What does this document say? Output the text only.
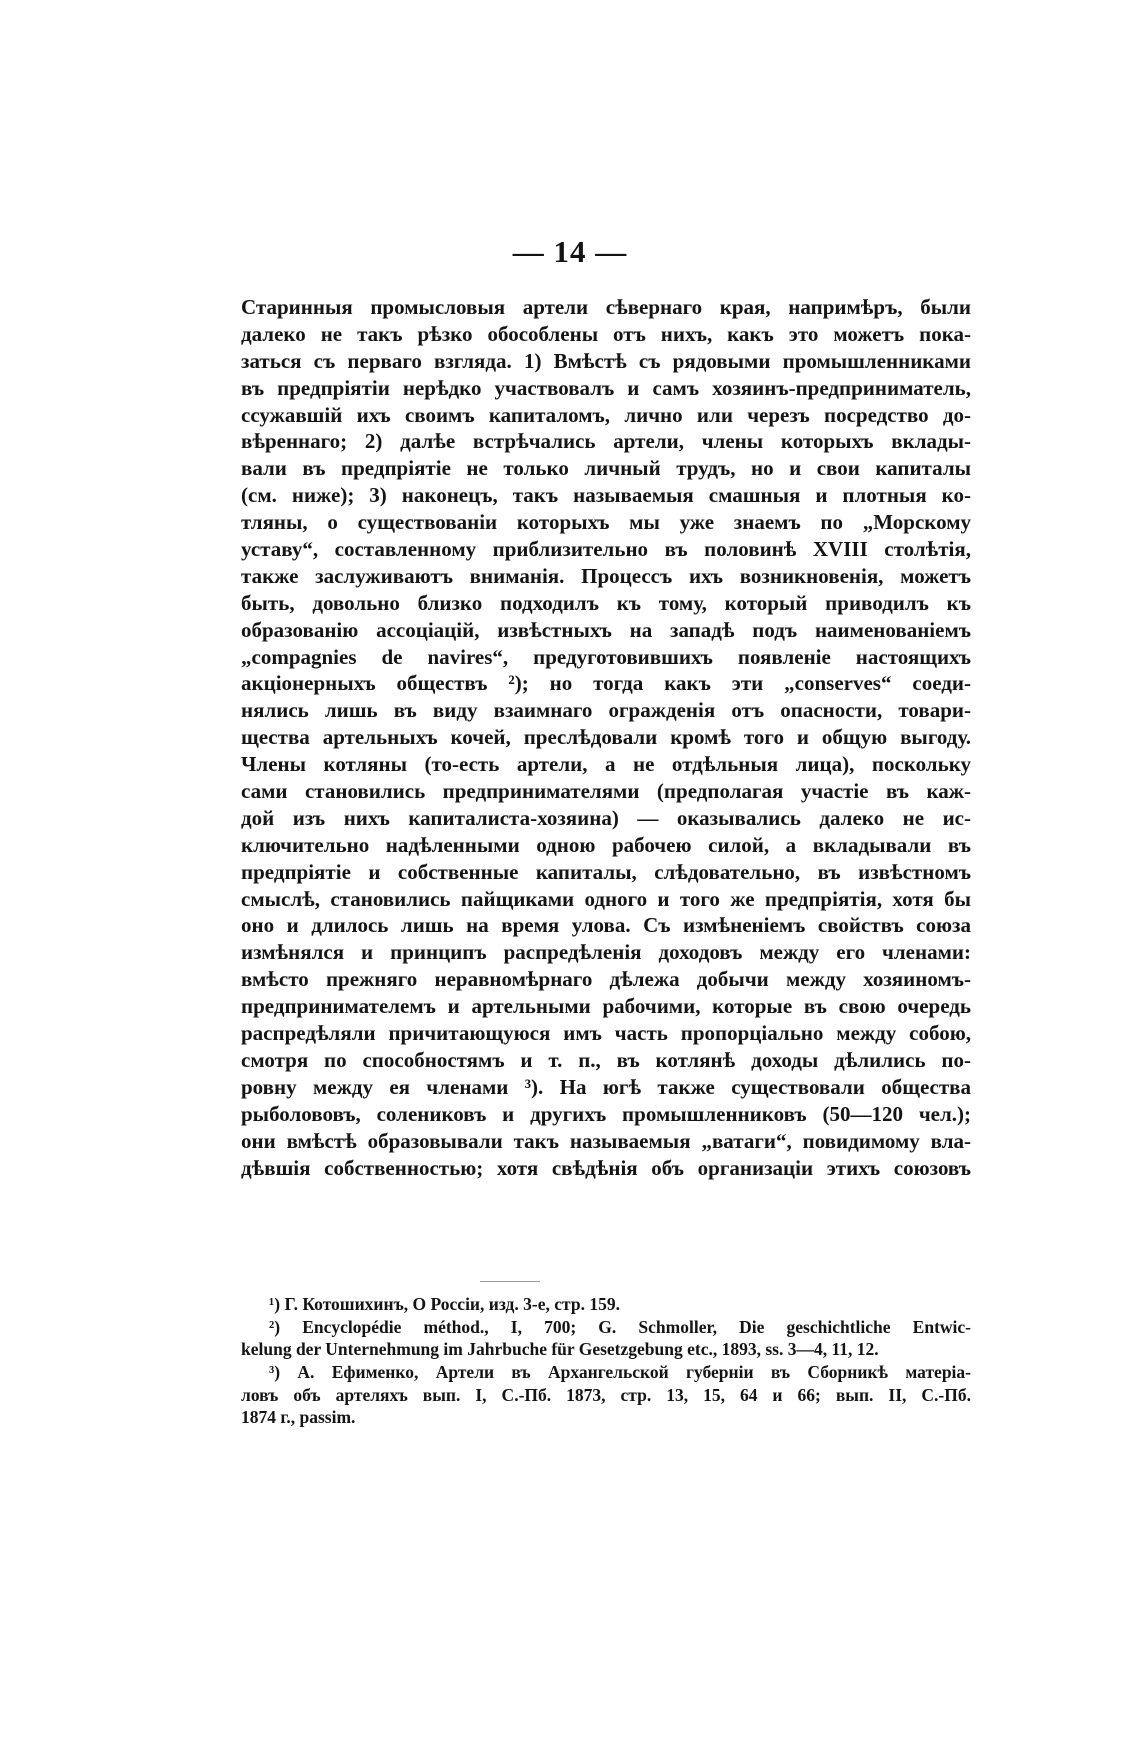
— 14 —
Старинныя промысловыя артели сѣвернаго края, напримѣръ, были
далеко не такъ рѣзко обособлены отъ нихъ, какъ это можетъ пока-
заться съ перваго взгляда. 1) Вмѣстѣ съ рядовыми промышленниками
въ предпріятіи нерѣдко участвовалъ и самъ хозяинъ-предприниматель,
ссужавшій ихъ своимъ капиталомъ, лично или черезъ посредство до-
вѣреннаго; 2) далѣе встрѣчались артели, члены которыхъ вклады-
вали въ предпріятіе не только личный трудъ, но и свои капиталы
(см. ниже); 3) наконецъ, такъ называемыя смашныя и плотныя ко-
тляны, о существованіи которыхъ мы уже знаемъ по „Морскому
уставу“, составленному приблизительно въ половинѣ XVIII столѣтія,
также заслуживаютъ вниманія. Процессъ ихъ возникновенія, можетъ
быть, довольно близко подходилъ къ тому, который приводилъ къ
образованію ассоціацій, извѣстныхъ на западѣ подъ наименованіемъ
„compagnies de navires“, предуготовившихъ появленіе настоящихъ
акціонерныхъ обществъ ²); но тогда какъ эти „conserves“ соеди-
нялись лишь въ виду взаимнаго огражденія отъ опасности, товари-
щества артельныхъ кочей, преслѣдовали кромѣ того и общую выгоду.
Члены котляны (то-есть артели, а не отдѣльныя лица), поскольку
сами становились предпринимателями (предполагая участіе въ каж-
дой изъ нихъ капиталиста-хозяина) — оказывались далеко не ис-
ключительно надѣленными одною рабочею силой, а вкладывали въ
предпріятіе и собственные капиталы, слѣдовательно, въ извѣстномъ
смыслѣ, становились пайщиками одного и того же предпріятія, хотя бы
оно и длилось лишь на время улова. Съ измѣненіемъ свойствъ союза
измѣнялся и принципъ распредѣленія доходовъ между его членами:
вмѣсто прежняго неравномѣрнаго дѣлежа добычи между хозяиномъ-
предпринимателемъ и артельными рабочими, которые въ свою очередь
распредѣляли причитающуюся имъ часть пропорціально между собою,
смотря по способностямъ и т. п., въ котлянѣ доходы дѣлились по-
ровну между ея членами ³). На югѣ также существовали общества
рыболововъ, солениковъ и другихъ промышленниковъ (50—120 чел.);
они вмѣстѣ образовывали такъ называемыя „ватаги“, повидимому вла-
дѣвшія собственностью; хотя свѣдѣнія объ организаціи этихъ союзовъ
¹) Г. Котошихинъ, О Россіи, изд. 3-е, стр. 159.
²) Encyclopédie méthod., I, 700; G. Schmoller, Die geschichtliche Entwic-
kelung der Unternehmung im Jahrbuche für Gesetzgebung etc., 1893, ss. 3—4, 11, 12.
³) А. Ефименко, Артели въ Архангельской губерніи въ Сборникѣ матеріа-
ловъ объ артеляхъ вып. I, С.-Пб. 1873, стр. 13, 15, 64 и 66; вып. II, С.-Пб.
1874 г., passim.
